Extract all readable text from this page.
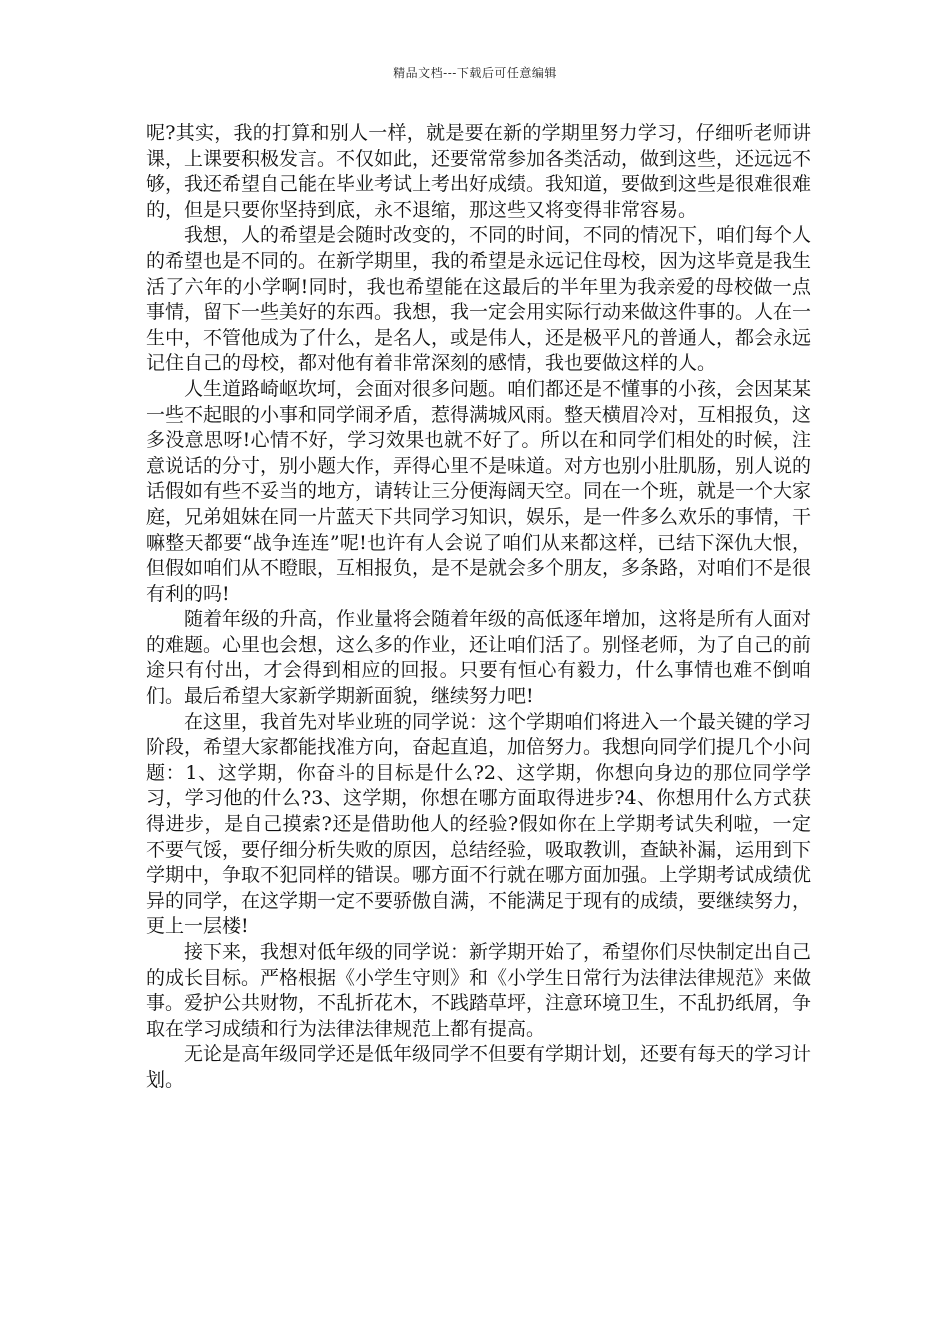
精品文档---下载后可任意编辑

呢?其实，我的打算和别人一样，就是要在新的学期里努力学习，仔细听老师讲课，上课要积极发言。不仅如此，还要常常参加各类活动，做到这些，还远远不够，我还希望自己能在毕业考试上考出好成绩。我知道，要做到这些是很难很难的，但是只要你坚持到底，永不退缩，那这些又将变得非常容易。

我想，人的希望是会随时改变的，不同的时间，不同的情况下，咱们每个人的希望也是不同的。在新学期里，我的希望是永远记住母校，因为这毕竟是我生活了六年的小学啊!同时，我也希望能在这最后的半年里为我亲爱的母校做一点事情，留下一些美好的东西。我想，我一定会用实际行动来做这件事的。人在一生中，不管他成为了什么，是名人，或是伟人，还是极平凡的普通人，都会永远记住自己的母校，都对他有着非常深刻的感情，我也要做这样的人。

人生道路崎岖坎坷，会面对很多问题。咱们都还是不懂事的小孩，会因某某一些不起眼的小事和同学闹矛盾，惹得满城风雨。整天横眉冷对，互相报负，这多没意思呀!心情不好，学习效果也就不好了。所以在和同学们相处的时候，注意说话的分寸，别小题大作，弄得心里不是味道。对方也别小肚肌肠，别人说的话假如有些不妥当的地方，请转让三分便海阔天空。同在一个班，就是一个大家庭，兄弟姐妹在同一片蓝天下共同学习知识，娱乐，是一件多么欢乐的事情，干嘛整天都要“战争连连”呢!也许有人会说了咱们从来都这样，已结下深仇大恨，但假如咱们从不瞪眼，互相报负，是不是就会多个朋友，多条路，对咱们不是很有利的吗!

随着年级的升高，作业量将会随着年级的高低逐年增加，这将是所有人面对的难题。心里也会想，这么多的作业，还让咱们活了。别怪老师，为了自己的前途只有付出，才会得到相应的回报。只要有恒心有毅力，什么事情也难不倒咱们。最后希望大家新学期新面貌，继续努力吧!

在这里，我首先对毕业班的同学说：这个学期咱们将进入一个最关键的学习阶段，希望大家都能找准方向，奋起直追，加倍努力。我想向同学们提几个小问题：1、这学期，你奋斗的目标是什么?2、这学期，你想向身边的那位同学学习，学习他的什么?3、这学期，你想在哪方面取得进步?4、你想用什么方式获得进步，是自己摸索?还是借助他人的经验?假如你在上学期考试失利啦，一定不要气馁，要仔细分析失败的原因，总结经验，吸取教训，查缺补漏，运用到下学期中，争取不犯同样的错误。哪方面不行就在哪方面加强。上学期考试成绩优异的同学，在这学期一定不要骄傲自满，不能满足于现有的成绩，要继续努力，更上一层楼!

接下来，我想对低年级的同学说：新学期开始了，希望你们尽快制定出自己的成长目标。严格根据《小学生守则》和《小学生日常行为法律法律规范》来做事。爱护公共财物，不乱折花木，不践踏草坪，注意环境卫生，不乱扔纸屑，争取在学习成绩和行为法律法律规范上都有提高。

无论是高年级同学还是低年级同学不但要有学期计划，还要有每天的学习计划。
